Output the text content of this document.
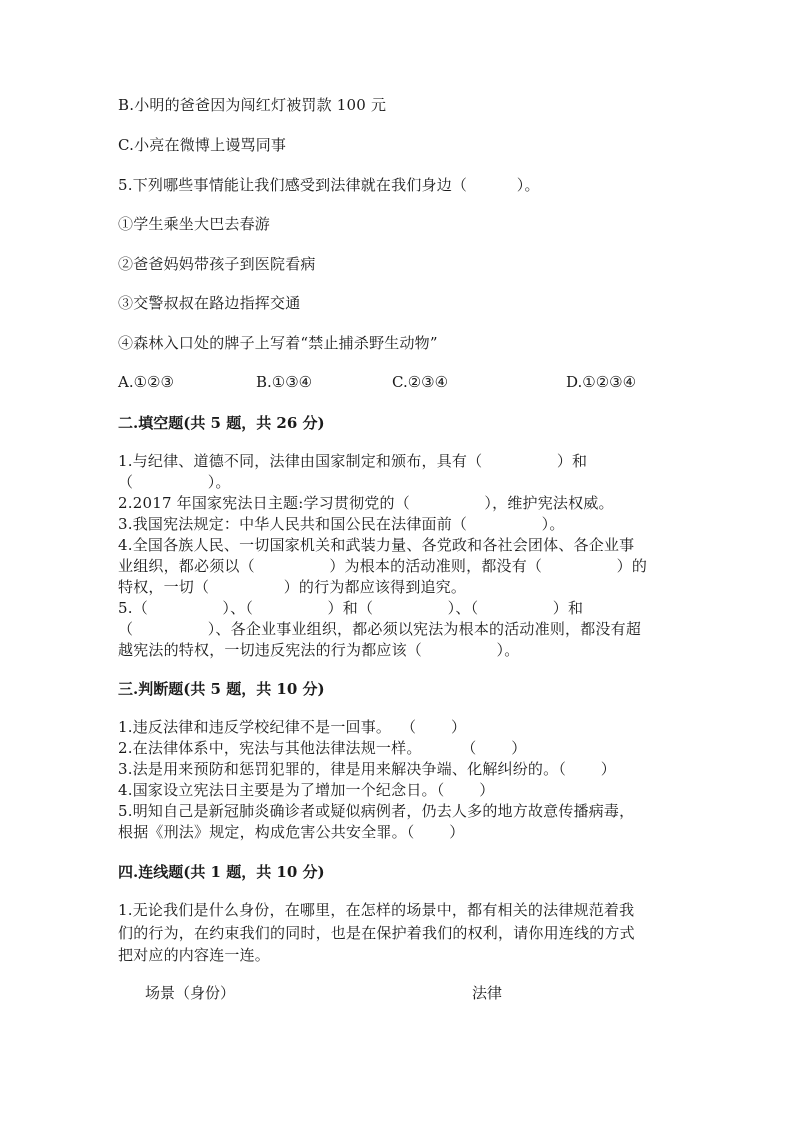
B.小明的爸爸因为闯红灯被罚款 100 元
C.小亮在微博上谩骂同事
5.下列哪些事情能让我们感受到法律就在我们身边（          ）。
①学生乘坐大巴去春游
②爸爸妈妈带孩子到医院看病
③交警叔叔在路边指挥交通
④森林入口处的牌子上写着“禁止捕杀野生动物”
A.①②③	B.①③④	C.②③④	D.①②③④
二.填空题(共 5 题，共 26 分)
1.与纪律、道德不同，法律由国家制定和颁布，具有（               ）和
（               ）。
2.2017 年国家宪法日主题:学习贯彻党的（               ），维护宪法权威。
3.我国宪法规定：中华人民共和国公民在法律面前（               ）。
4.全国各族人民、一切国家机关和武装力量、各党政和各社会团体、各企业事
业组织，都必须以（               ）为根本的活动准则，都没有（               ）的
特权，一切（               ）的行为都应该得到追究。
5.（               ）、（               ）和（               ）、（               ）和
（               ）、各企业事业组织，都必须以宪法为根本的活动准则，都没有超
越宪法的特权，一切违反宪法的行为都应该（               ）。
三.判断题(共 5 题，共 10 分)
1.违反法律和违反学校纪律不是一回事。  （       ）
2.在法律体系中，宪法与其他法律法规一样。        （       ）
3.法是用来预防和惩罚犯罪的，律是用来解决争端、化解纠纷的。（       ）
4.国家设立宪法日主要是为了增加一个纪念日。（       ）
5.明知自己是新冠肺炎确诊者或疑似病例者，仍去人多的地方故意传播病毒，
根据《刑法》规定，构成危害公共安全罪。（       ）
四.连线题(共 1 题，共 10 分)
1.无论我们是什么身份，在哪里，在怎样的场景中，都有相关的法律规范着我
们的行为，在约束我们的同时，也是在保护着我们的权利，请你用连线的方式
把对应的内容连一连。
场景（身份）	法律
